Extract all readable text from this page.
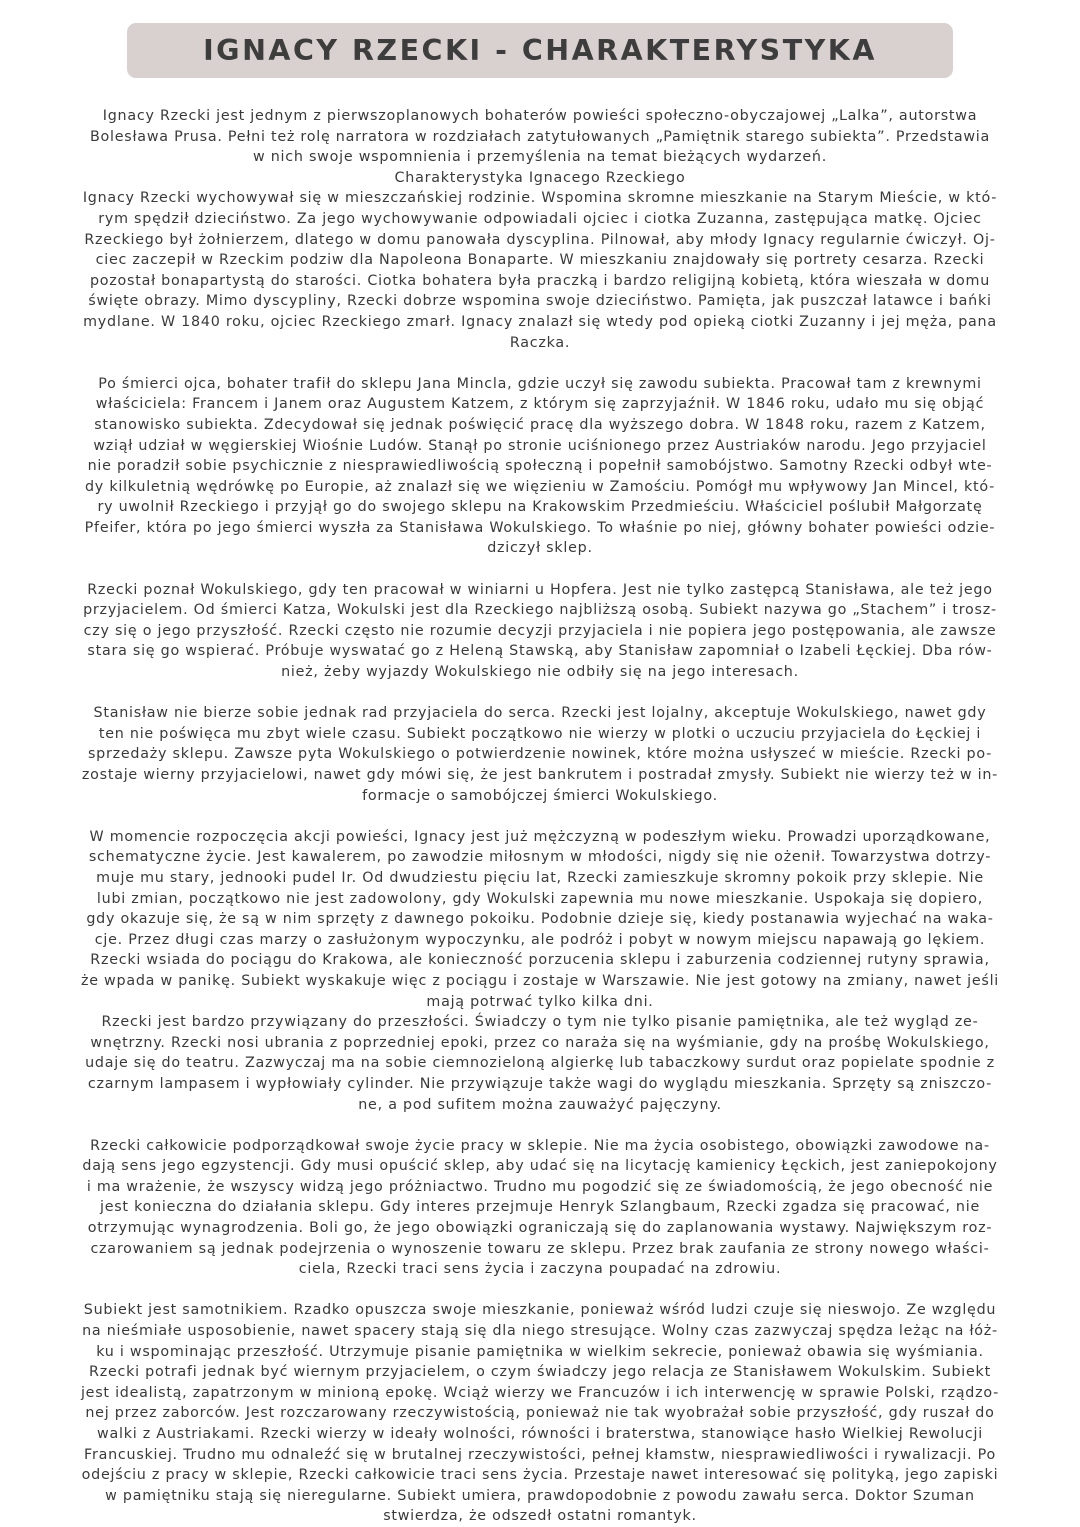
IGNACY RZECKI - CHARAKTERYSTYKA
Ignacy Rzecki jest jednym z pierwszoplanowych bohaterów powieści społeczno-obyczajowej „Lalka”, autorstwa
Bolesława Prusa. Pełni też rolę narratora w rozdziałach zatytułowanych „Pamiętnik starego subiekta”. Przedstawia
w nich swoje wspomnienia i przemyślenia na temat bieżących wydarzeń.
Charakterystyka Ignacego Rzeckiego
Ignacy Rzecki wychowywał się w mieszczańskiej rodzinie. Wspomina skromne mieszkanie na Starym Mieście, w któ-
rym spędził dzieciństwo. Za jego wychowywanie odpowiadali ojciec i ciotka Zuzanna, zastępująca matkę. Ojciec
Rzeckiego był żołnierzem, dlatego w domu panowała dyscyplina. Pilnował, aby młody Ignacy regularnie ćwiczył. Oj-
ciec zaczepił w Rzeckim podziw dla Napoleona Bonaparte. W mieszkaniu znajdowały się portrety cesarza. Rzecki
pozostał bonapartystą do starości. Ciotka bohatera była praczką i bardzo religijną kobietą, która wieszała w domu
święte obrazy. Mimo dyscypliny, Rzecki dobrze wspomina swoje dzieciństwo. Pamięta, jak puszczał latawce i bańki
mydlane. W 1840 roku, ojciec Rzeckiego zmarł. Ignacy znalazł się wtedy pod opieką ciotki Zuzanny i jej męża, pana
Raczka.
Po śmierci ojca, bohater trafił do sklepu Jana Mincla, gdzie uczył się zawodu subiekta. Pracował tam z krewnymi
właściciela: Francem i Janem oraz Augustem Katzem, z którym się zaprzyjaźnił. W 1846 roku, udało mu się objąć
stanowisko subiekta. Zdecydował się jednak poświęcić pracę dla wyższego dobra. W 1848 roku, razem z Katzem,
wziął udział w węgierskiej Wiośnie Ludów. Stanął po stronie uciśnionego przez Austriaków narodu. Jego przyjaciel
nie poradził sobie psychicznie z niesprawiedliwością społeczną i popełnił samobójstwo. Samotny Rzecki odbył wte-
dy kilkuletnią wędrówkę po Europie, aż znalazł się we więzieniu w Zamościu. Pomógł mu wpływowy Jan Mincel, któ-
ry uwolnił Rzeckiego i przyjął go do swojego sklepu na Krakowskim Przedmieściu. Właściciel poślubił Małgorzatę
Pfeifer, która po jego śmierci wyszła za Stanisława Wokulskiego. To właśnie po niej, główny bohater powieści odzie-
dziczył sklep.
Rzecki poznał Wokulskiego, gdy ten pracował w winiarni u Hopfera. Jest nie tylko zastępcą Stanisława, ale też jego
przyjacielem. Od śmierci Katza, Wokulski jest dla Rzeckiego najbliższą osobą. Subiekt nazywa go „Stachem” i trosz-
czy się o jego przyszłość. Rzecki często nie rozumie decyzji przyjaciela i nie popiera jego postępowania, ale zawsze
stara się go wspierać. Próbuje wyswatać go z Heleną Stawską, aby Stanisław zapomniał o Izabeli Łęckiej. Dba rów-
nież, żeby wyjazdy Wokulskiego nie odbiły się na jego interesach.
Stanisław nie bierze sobie jednak rad przyjaciela do serca. Rzecki jest lojalny, akceptuje Wokulskiego, nawet gdy
ten nie poświęca mu zbyt wiele czasu. Subiekt początkowo nie wierzy w plotki o uczuciu przyjaciela do Łęckiej i
sprzedaży sklepu. Zawsze pyta Wokulskiego o potwierdzenie nowinek, które można usłyszeć w mieście. Rzecki po-
zostaje wierny przyjacielowi, nawet gdy mówi się, że jest bankrutem i postradał zmysły. Subiekt nie wierzy też w in-
formacje o samobójczej śmierci Wokulskiego.
W momencie rozpoczęcia akcji powieści, Ignacy jest już mężczyzną w podeszłym wieku. Prowadzi uporządkowane,
schematyczne życie. Jest kawalerem, po zawodzie miłosnym w młodości, nigdy się nie ożenił. Towarzystwa dotrzy-
muje mu stary, jednooki pudel Ir. Od dwudziestu pięciu lat, Rzecki zamieszkuje skromny pokoik przy sklepie. Nie
lubi zmian, początkowo nie jest zadowolony, gdy Wokulski zapewnia mu nowe mieszkanie. Uspokaja się dopiero,
gdy okazuje się, że są w nim sprzęty z dawnego pokoiku. Podobnie dzieje się, kiedy postanawia wyjechać na waka-
cje. Przez długi czas marzy o zasłużonym wypoczynku, ale podróż i pobyt w nowym miejscu napawają go lękiem.
Rzecki wsiada do pociągu do Krakowa, ale konieczność porzucenia sklepu i zaburzenia codziennej rutyny sprawia,
że wpada w panikę. Subiekt wyskakuje więc z pociągu i zostaje w Warszawie. Nie jest gotowy na zmiany, nawet jeśli
mają potrwać tylko kilka dni.
Rzecki jest bardzo przywiązany do przeszłości. Świadczy o tym nie tylko pisanie pamiętnika, ale też wygląd ze-
wnętrzny. Rzecki nosi ubrania z poprzedniej epoki, przez co naraża się na wyśmianie, gdy na prośbę Wokulskiego,
udaje się do teatru. Zazwyczaj ma na sobie ciemnozieloną algierkę lub tabaczkowy surdut oraz popielate spodnie z
czarnym lampasem i wypłowiały cylinder. Nie przywiązuje także wagi do wyglądu mieszkania. Sprzęty są zniszczo-
ne, a pod sufitem można zauważyć pajęczyny.
Rzecki całkowicie podporządkował swoje życie pracy w sklepie. Nie ma życia osobistego, obowiązki zawodowe na-
dają sens jego egzystencji. Gdy musi opuścić sklep, aby udać się na licytację kamienicy Łęckich, jest zaniepokojony
i ma wrażenie, że wszyscy widzą jego próżniactwo. Trudno mu pogodzić się ze świadomością, że jego obecność nie
jest konieczna do działania sklepu. Gdy interes przejmuje Henryk Szlangbaum, Rzecki zgadza się pracować, nie
otrzymując wynagrodzenia. Boli go, że jego obowiązki ograniczają się do zaplanowania wystawy. Największym roz-
czarowaniem są jednak podejrzenia o wynoszenie towaru ze sklepu. Przez brak zaufania ze strony nowego właści-
ciela, Rzecki traci sens życia i zaczyna poupadać na zdrowiu.
Subiekt jest samotnikiem. Rzadko opuszcza swoje mieszkanie, ponieważ wśród ludzi czuje się nieswojo. Ze względu
na nieśmiałe usposobienie, nawet spacery stają się dla niego stresujące. Wolny czas zazwyczaj spędza leżąc na łóż-
ku i wspominając przeszłość. Utrzymuje pisanie pamiętnika w wielkim sekrecie, ponieważ obawia się wyśmiania.
Rzecki potrafi jednak być wiernym przyjacielem, o czym świadczy jego relacja ze Stanisławem Wokulskim. Subiekt
jest idealistą, zapatrzonym w minioną epokę. Wciąż wierzy we Francuzów i ich interwencję w sprawie Polski, rządzo-
nej przez zaborców. Jest rozczarowany rzeczywistością, ponieważ nie tak wyobrażał sobie przyszłość, gdy ruszał do
walki z Austriakami. Rzecki wierzy w ideały wolności, równości i braterstwa, stanowiące hasło Wielkiej Rewolucji
Francuskiej. Trudno mu odnaleźć się w brutalnej rzeczywistości, pełnej kłamstw, niesprawiedliwości i rywalizacji. Po
odejściu z pracy w sklepie, Rzecki całkowicie traci sens życia. Przestaje nawet interesować się polityką, jego zapiski
w pamiętniku stają się nieregularne. Subiekt umiera, prawdopodobnie z powodu zawału serca. Doktor Szuman
stwierdza, że odszedł ostatni romantyk.
